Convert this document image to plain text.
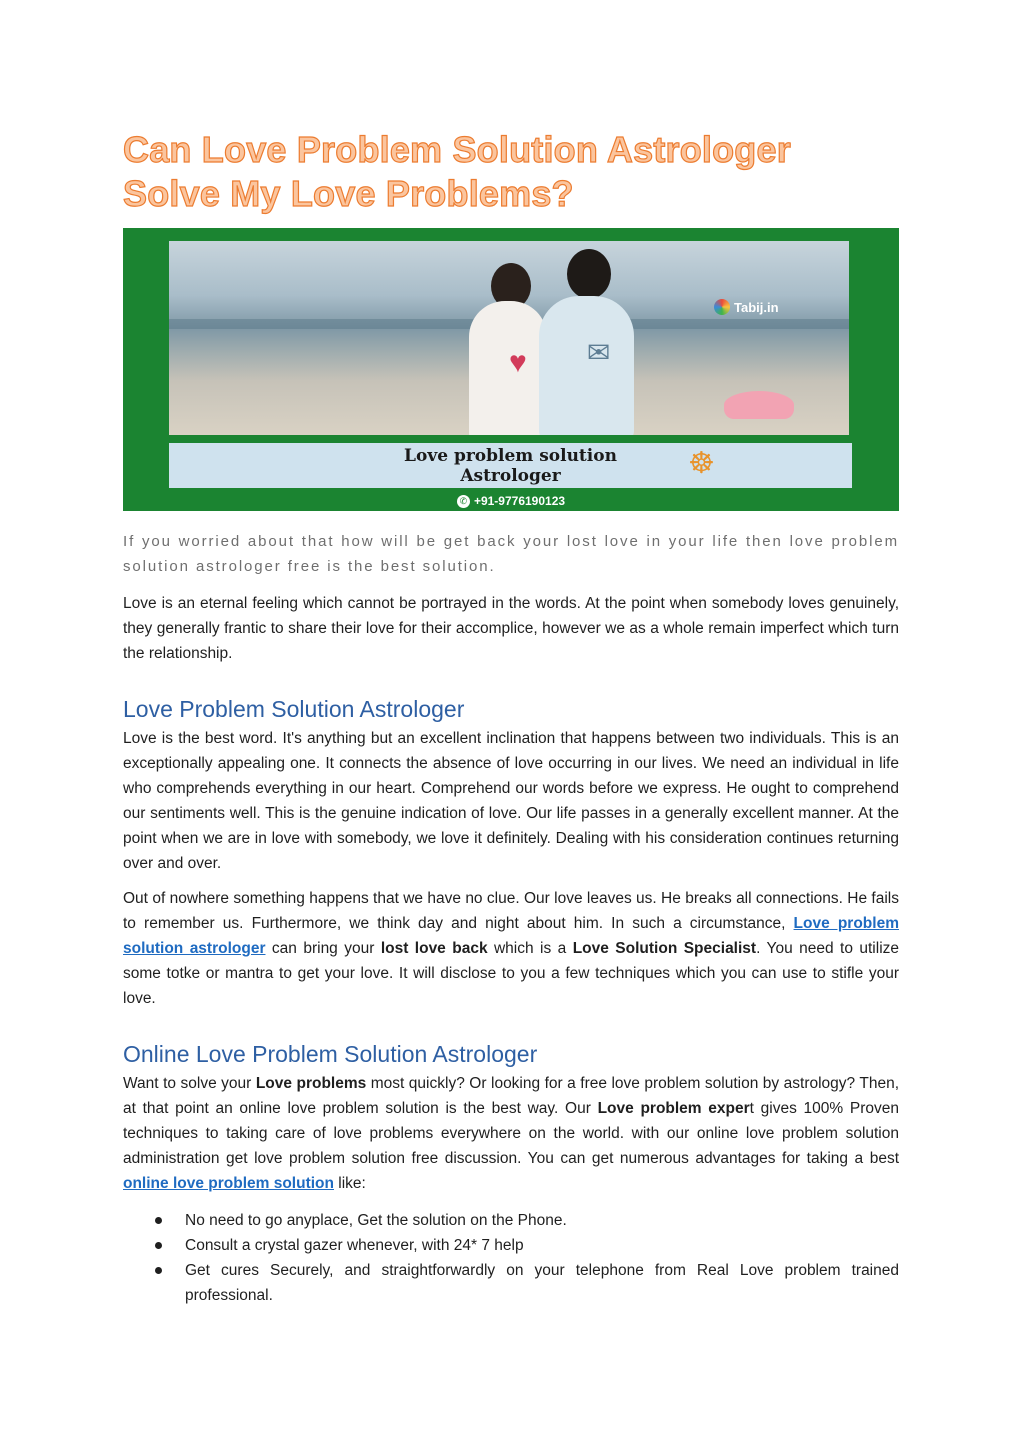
Can Love Problem Solution Astrologer
Solve My Love Problems?
♥ ✉
Tabij.in
Love problem solution
Astrologer	☸
✆ +91-9776190123

If you worried about that how will be get back your lost love in your life then love problem solution astrologer free is the best solution.

Love is an eternal feeling which cannot be portrayed in the words. At the point when somebody loves genuinely, they generally frantic to share their love for their accomplice, however we as a whole remain imperfect which turn the relationship.

Love Problem Solution Astrologer

Love is the best word. It's anything but an excellent inclination that happens between two individuals. This is an exceptionally appealing one. It connects the absence of love occurring in our lives. We need an individual in life who comprehends everything in our heart. Comprehend our words before we express. He ought to comprehend our sentiments well. This is the genuine indication of love. Our life passes in a generally excellent manner. At the point when we are in love with somebody, we love it definitely. Dealing with his consideration continues returning over and over.

Out of nowhere something happens that we have no clue. Our love leaves us. He breaks all connections. He fails to remember us. Furthermore, we think day and night about him. In such a circumstance, Love problem solution astrologer can bring your lost love back which is a Love Solution Specialist. You need to utilize some totke or mantra to get your love. It will disclose to you a few techniques which you can use to stifle your love.

Online Love Problem Solution Astrologer

Want to solve your Love problems most quickly? Or looking for a free love problem solution by astrology? Then, at that point an online love problem solution is the best way. Our Love problem expert gives 100% Proven techniques to taking care of love problems everywhere on the world. with our online love problem solution administration get love problem solution free discussion. You can get numerous advantages for taking a best online love problem solution like:

No need to go anyplace, Get the solution on the Phone.
Consult a crystal gazer whenever, with 24* 7 help
Get cures Securely, and straightforwardly on your telephone from Real Love problem trained professional.
